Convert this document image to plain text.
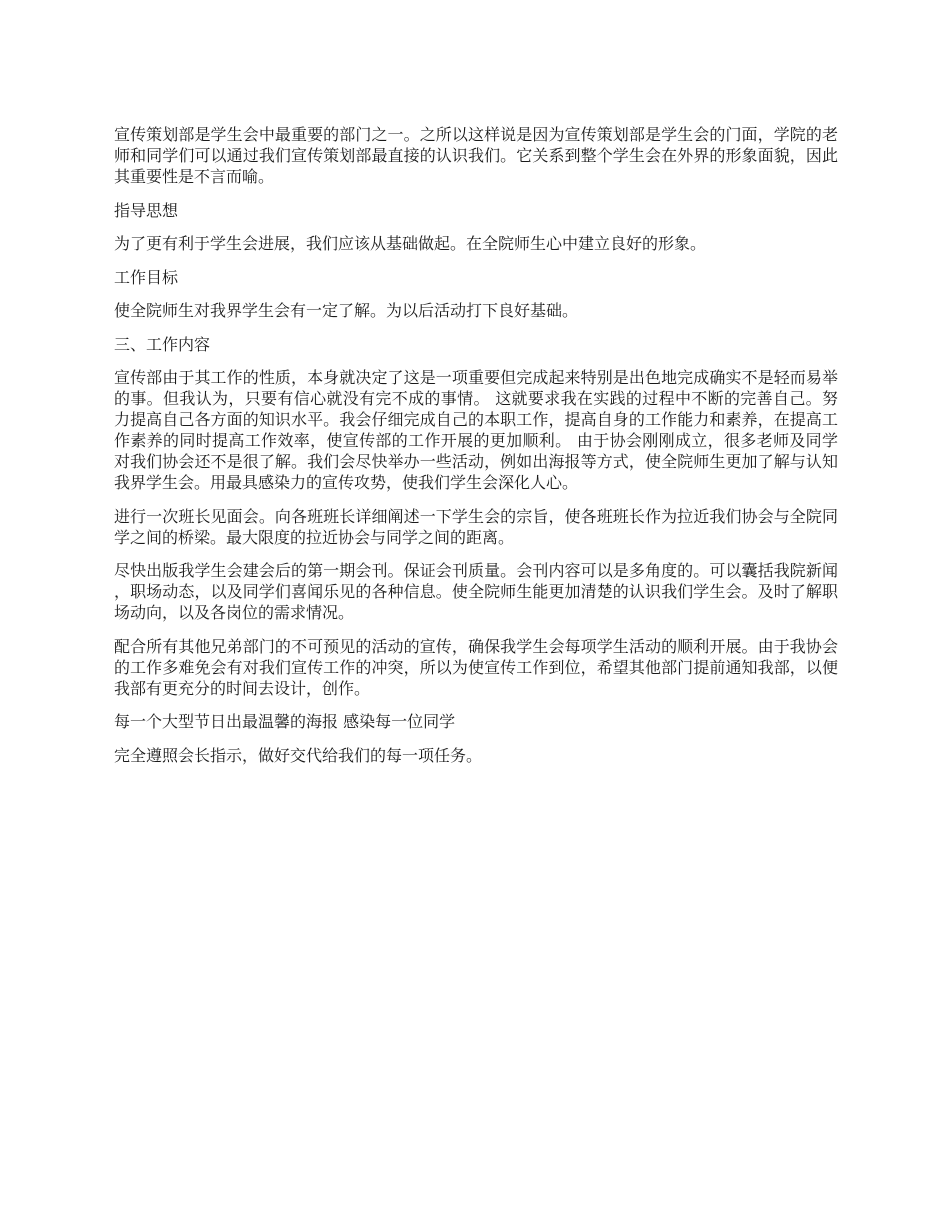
宣传策划部是学生会中最重要的部门之一。之所以这样说是因为宣传策划部是学生会的门面，学院的老师和同学们可以通过我们宣传策划部最直接的认识我们。它关系到整个学生会在外界的形象面貌，因此其重要性是不言而喻。

指导思想

为了更有利于学生会进展，我们应该从基础做起。在全院师生心中建立良好的形象。

工作目标

使全院师生对我界学生会有一定了解。为以后活动打下良好基础。

三、工作内容

宣传部由于其工作的性质，本身就决定了这是一项重要但完成起来特别是出色地完成确实不是轻而易举的事。但我认为，只要有信心就没有完不成的事情。 这就要求我在实践的过程中不断的完善自己。努力提高自己各方面的知识水平。我会仔细完成自己的本职工作，提高自身的工作能力和素养，在提高工作素养的同时提高工作效率，使宣传部的工作开展的更加顺利。 由于协会刚刚成立，很多老师及同学对我们协会还不是很了解。我们会尽快举办一些活动，例如出海报等方式，使全院师生更加了解与认知我界学生会。用最具感染力的宣传攻势，使我们学生会深化人心。

进行一次班长见面会。向各班班长详细阐述一下学生会的宗旨，使各班班长作为拉近我们协会与全院同学之间的桥梁。最大限度的拉近协会与同学之间的距离。

尽快出版我学生会建会后的第一期会刊。保证会刊质量。会刊内容可以是多角度的。可以囊括我院新闻，职场动态，以及同学们喜闻乐见的各种信息。使全院师生能更加清楚的认识我们学生会。及时了解职场动向，以及各岗位的需求情况。

配合所有其他兄弟部门的不可预见的活动的宣传，确保我学生会每项学生活动的顺利开展。由于我协会的工作多难免会有对我们宣传工作的冲突，所以为使宣传工作到位，希望其他部门提前通知我部，以便我部有更充分的时间去设计，创作。

每一个大型节日出最温馨的海报 感染每一位同学

完全遵照会长指示，做好交代给我们的每一项任务。
